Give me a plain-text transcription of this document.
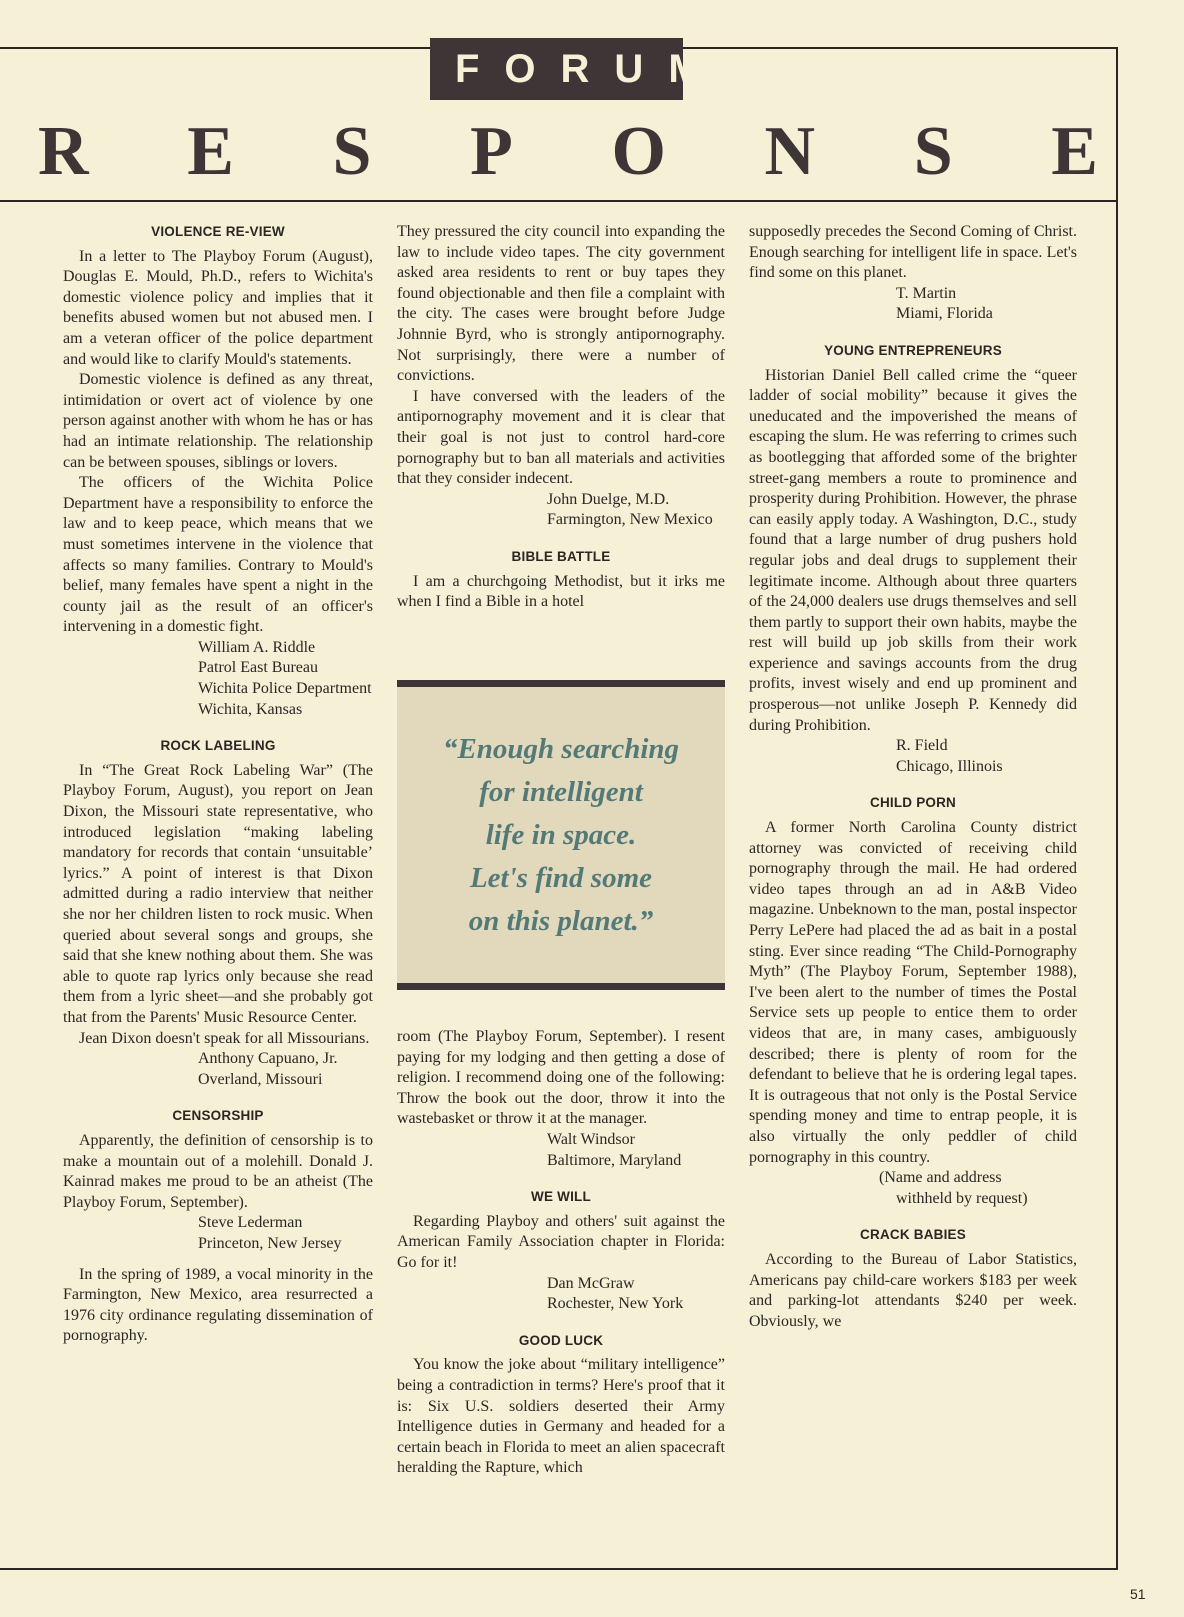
FORUM
R E S P O N S E
VIOLENCE RE-VIEW

In a letter to The Playboy Forum (August), Douglas E. Mould, Ph.D., refers to Wichita's domestic violence policy and implies that it benefits abused women but not abused men. I am a veteran officer of the police department and would like to clarify Mould's statements.

Domestic violence is defined as any threat, intimidation or overt act of violence by one person against another with whom he has or has had an intimate relationship. The relationship can be between spouses, siblings or lovers.

The officers of the Wichita Police Department have a responsibility to enforce the law and to keep peace, which means that we must sometimes intervene in the violence that affects so many families. Contrary to Mould's belief, many females have spent a night in the county jail as the result of an officer's intervening in a domestic fight.

William A. Riddle

Patrol East Bureau

Wichita Police Department

Wichita, Kansas

ROCK LABELING

In “The Great Rock Labeling War” (The Playboy Forum, August), you report on Jean Dixon, the Missouri state representative, who introduced legislation “making labeling mandatory for records that contain ‘unsuitable’ lyrics.” A point of interest is that Dixon admitted during a radio interview that neither she nor her children listen to rock music. When queried about several songs and groups, she said that she knew nothing about them. She was able to quote rap lyrics only because she read them from a lyric sheet—and she probably got that from the Parents' Music Resource Center.

Jean Dixon doesn't speak for all Missourians.

Anthony Capuano, Jr.

Overland, Missouri

CENSORSHIP

Apparently, the definition of censorship is to make a mountain out of a molehill. Donald J. Kainrad makes me proud to be an atheist (The Playboy Forum, September).

Steve Lederman

Princeton, New Jersey

In the spring of 1989, a vocal minority in the Farmington, New Mexico, area resurrected a 1976 city ordinance regulating dissemination of pornography.

They pressured the city council into expanding the law to include video tapes. The city government asked area residents to rent or buy tapes they found objectionable and then file a complaint with the city. The cases were brought before Judge Johnnie Byrd, who is strongly antipornography. Not surprisingly, there were a number of convictions.

I have conversed with the leaders of the antipornography movement and it is clear that their goal is not just to control hard-core pornography but to ban all materials and activities that they consider indecent.

John Duelge, M.D.

Farmington, New Mexico

BIBLE BATTLE

I am a churchgoing Methodist, but it irks me when I find a Bible in a hotel

“Enough searching
for intelligent
life in space.
Let's find some
on this planet.”

room (The Playboy Forum, September). I resent paying for my lodging and then getting a dose of religion. I recommend doing one of the following: Throw the book out the door, throw it into the wastebasket or throw it at the manager.

Walt Windsor

Baltimore, Maryland

WE WILL

Regarding Playboy and others' suit against the American Family Association chapter in Florida: Go for it!

Dan McGraw

Rochester, New York

GOOD LUCK

You know the joke about “military intelligence” being a contradiction in terms? Here's proof that it is: Six U.S. soldiers deserted their Army Intelligence duties in Germany and headed for a certain beach in Florida to meet an alien spacecraft heralding the Rapture, which

supposedly precedes the Second Coming of Christ. Enough searching for intelligent life in space. Let's find some on this planet.

T. Martin

Miami, Florida

YOUNG ENTREPRENEURS

Historian Daniel Bell called crime the “queer ladder of social mobility” because it gives the uneducated and the impoverished the means of escaping the slum. He was referring to crimes such as bootlegging that afforded some of the brighter street-gang members a route to prominence and prosperity during Prohibition. However, the phrase can easily apply today. A Washington, D.C., study found that a large number of drug pushers hold regular jobs and deal drugs to supplement their legitimate income. Although about three quarters of the 24,000 dealers use drugs themselves and sell them partly to support their own habits, maybe the rest will build up job skills from their work experience and savings accounts from the drug profits, invest wisely and end up prominent and prosperous—not unlike Joseph P. Kennedy did during Prohibition.

R. Field

Chicago, Illinois

CHILD PORN

A former North Carolina County district attorney was convicted of receiving child pornography through the mail. He had ordered video tapes through an ad in A&B Video magazine. Unbeknown to the man, postal inspector Perry LePere had placed the ad as bait in a postal sting. Ever since reading “The Child-Pornography Myth” (The Playboy Forum, September 1988), I've been alert to the number of times the Postal Service sets up people to entice them to order videos that are, in many cases, ambiguously described; there is plenty of room for the defendant to believe that he is ordering legal tapes. It is outrageous that not only is the Postal Service spending money and time to entrap people, it is also virtually the only peddler of child pornography in this country.

(Name and address

withheld by request)

CRACK BABIES

According to the Bureau of Labor Statistics, Americans pay child-care workers $183 per week and parking-lot attendants $240 per week. Obviously, we

51
